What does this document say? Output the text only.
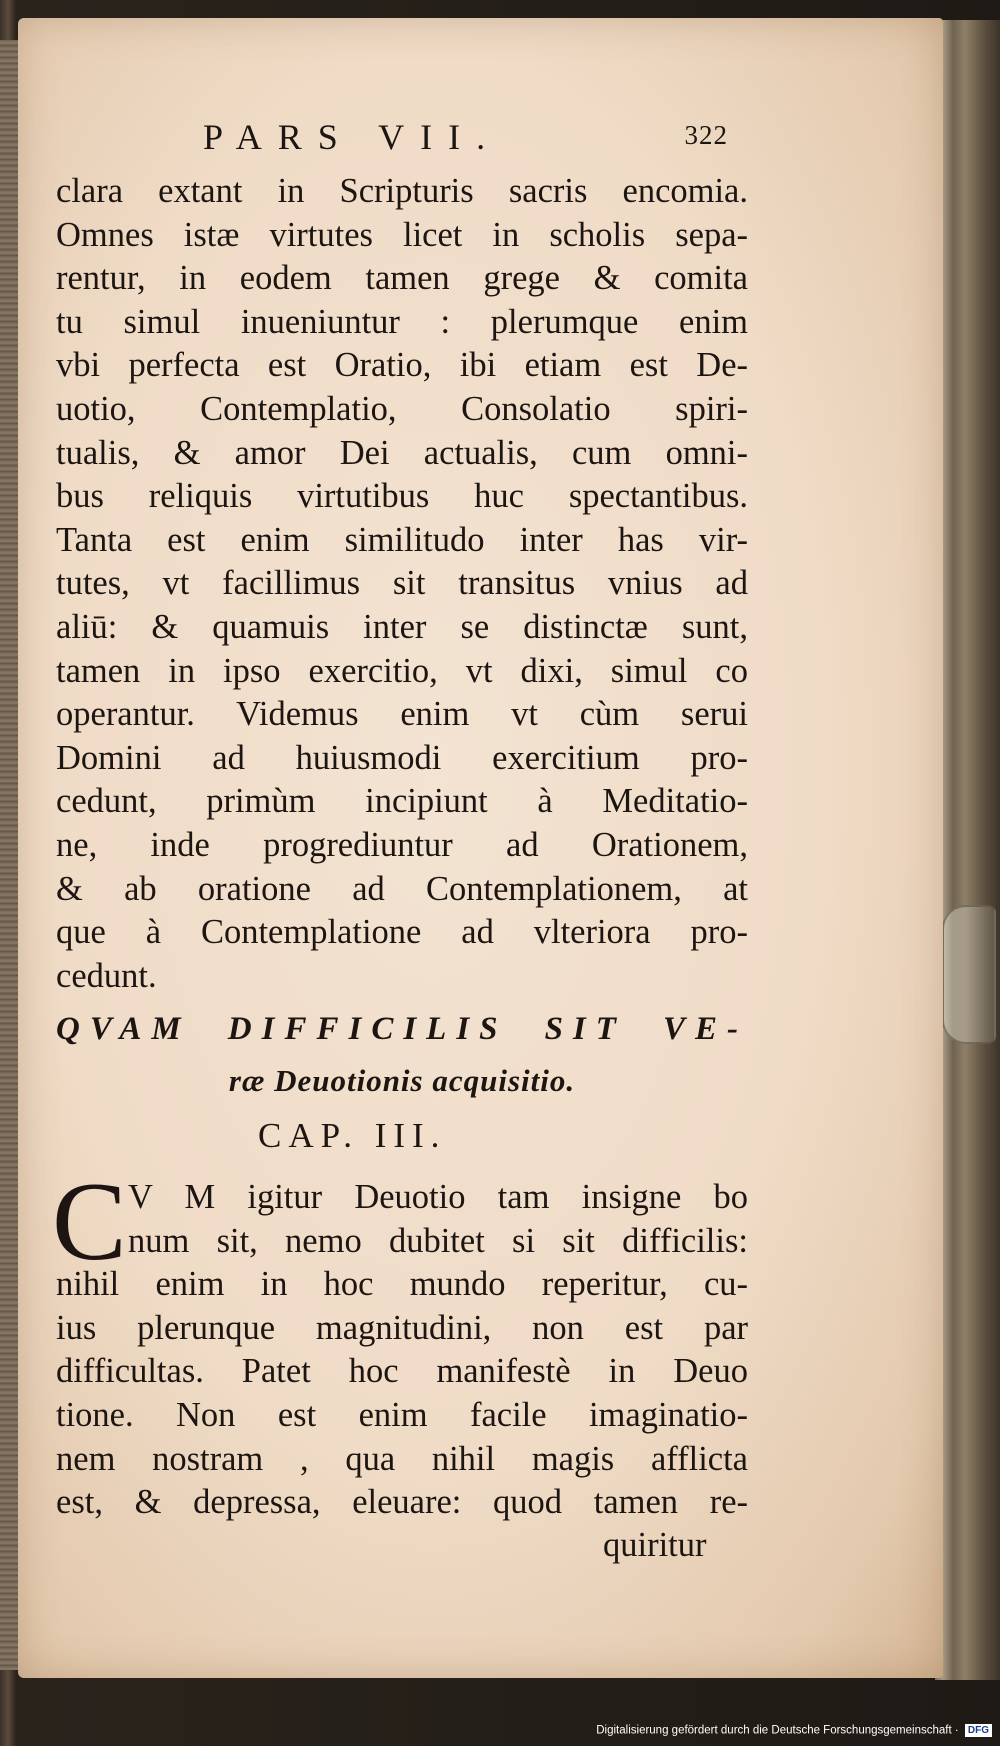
PARS VII.	322
clara extant in Scripturis sacris encomia.
Omnes istæ virtutes licet in scholis sepa-
rentur, in eodem tamen grege & comita
tu simul inueniuntur : plerumque enim
vbi perfecta est Oratio, ibi etiam est De-
uotio, Contemplatio, Consolatio spiri-
tualis, & amor Dei actualis, cum omni-
bus reliquis virtutibus huc spectantibus.
Tanta est enim similitudo inter has vir-
tutes, vt facillimus sit transitus vnius ad
aliū: & quamuis inter se distinctæ sunt,
tamen in ipso exercitio, vt dixi, simul co
operantur. Videmus enim vt cùm serui
Domini ad huiusmodi exercitium pro-
cedunt, primùm incipiunt à Meditatio-
ne, inde progrediuntur ad Orationem,
& ab oratione ad Contemplationem, at
que à Contemplatione ad vlteriora pro-
cedunt.
QVAM DIFFICILIS SIT VE-
ræ Deuotionis acquisitio.
CAP. III.
C V M igitur Deuotio tam insigne bo
num sit, nemo dubitet si sit difficilis:
nihil enim in hoc mundo reperitur, cu-
ius plerunque magnitudini, non est par
difficultas. Patet hoc manifestè in Deuo
tione. Non est enim facile imaginatio-
nem nostram , qua nihil magis afflicta
est, & depressa, eleuare: quod tamen re-
quiritur
Digitalisierung gefördert durch die Deutsche Forschungsgemeinschaft · DFG
